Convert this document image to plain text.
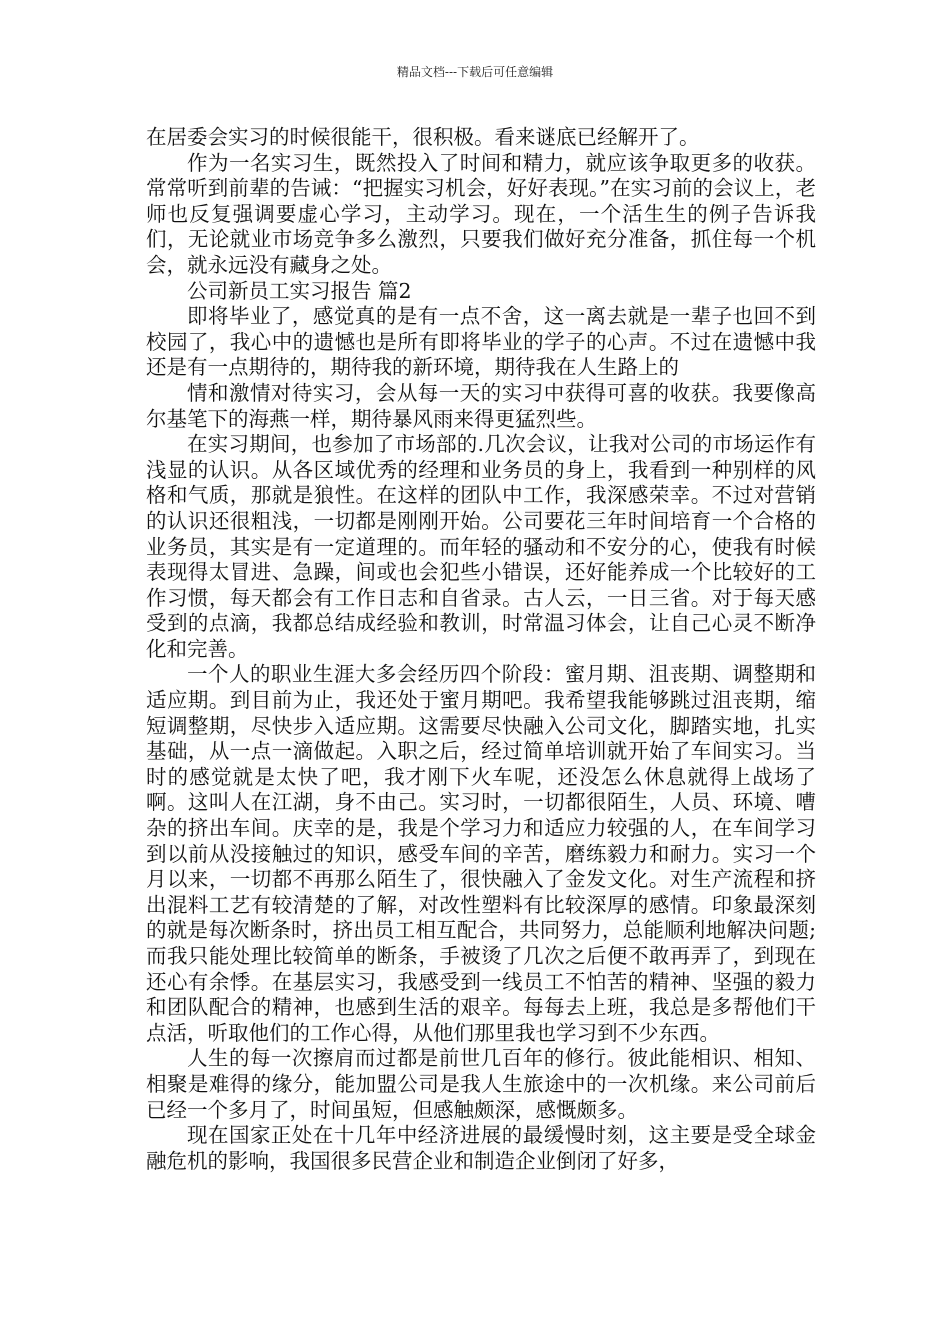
精品文档---下载后可任意编辑

在居委会实习的时候很能干，很积极。看来谜底已经解开了。

作为一名实习生，既然投入了时间和精力，就应该争取更多的收获。常常听到前辈的告诫：“把握实习机会，好好表现。”在实习前的会议上，老师也反复强调要虚心学习，主动学习。现在，一个活生生的例子告诉我们，无论就业市场竞争多么激烈，只要我们做好充分准备，抓住每一个机会，就永远没有藏身之处。

公司新员工实习报告 篇2

即将毕业了，感觉真的是有一点不舍，这一离去就是一辈子也回不到校园了，我心中的遗憾也是所有即将毕业的学子的心声。不过在遗憾中我还是有一点期待的，期待我的新环境，期待我在人生路上的

情和激情对待实习，会从每一天的实习中获得可喜的收获。我要像高尔基笔下的海燕一样，期待暴风雨来得更猛烈些。

在实习期间，也参加了市场部的.几次会议，让我对公司的市场运作有浅显的认识。从各区域优秀的经理和业务员的身上，我看到一种别样的风格和气质，那就是狼性。在这样的团队中工作，我深感荣幸。不过对营销的认识还很粗浅，一切都是刚刚开始。公司要花三年时间培育一个合格的业务员，其实是有一定道理的。而年轻的骚动和不安分的心，使我有时候表现得太冒进、急躁，间或也会犯些小错误，还好能养成一个比较好的工作习惯，每天都会有工作日志和自省录。古人云，一日三省。对于每天感受到的点滴，我都总结成经验和教训，时常温习体会，让自己心灵不断净化和完善。

一个人的职业生涯大多会经历四个阶段：蜜月期、沮丧期、调整期和适应期。到目前为止，我还处于蜜月期吧。我希望我能够跳过沮丧期，缩短调整期，尽快步入适应期。这需要尽快融入公司文化，脚踏实地，扎实基础，从一点一滴做起。入职之后，经过简单培训就开始了车间实习。当时的感觉就是太快了吧，我才刚下火车呢，还没怎么休息就得上战场了啊。这叫人在江湖，身不由己。实习时，一切都很陌生，人员、环境、嘈杂的挤出车间。庆幸的是，我是个学习力和适应力较强的人，在车间学习到以前从没接触过的知识，感受车间的辛苦，磨练毅力和耐力。实习一个月以来，一切都不再那么陌生了，很快融入了金发文化。对生产流程和挤出混料工艺有较清楚的了解，对改性塑料有比较深厚的感情。印象最深刻的就是每次断条时，挤出员工相互配合，共同努力，总能顺利地解决问题;而我只能处理比较简单的断条，手被烫了几次之后便不敢再弄了，到现在还心有余悸。在基层实习，我感受到一线员工不怕苦的精神、坚强的毅力和团队配合的精神，也感到生活的艰辛。每每去上班，我总是多帮他们干点活，听取他们的工作心得，从他们那里我也学习到不少东西。

人生的每一次擦肩而过都是前世几百年的修行。彼此能相识、相知、相聚是难得的缘分，能加盟公司是我人生旅途中的一次机缘。来公司前后已经一个多月了，时间虽短，但感触颇深，感慨颇多。

现在国家正处在十几年中经济进展的最缓慢时刻，这主要是受全球金融危机的影响，我国很多民营企业和制造企业倒闭了好多，
